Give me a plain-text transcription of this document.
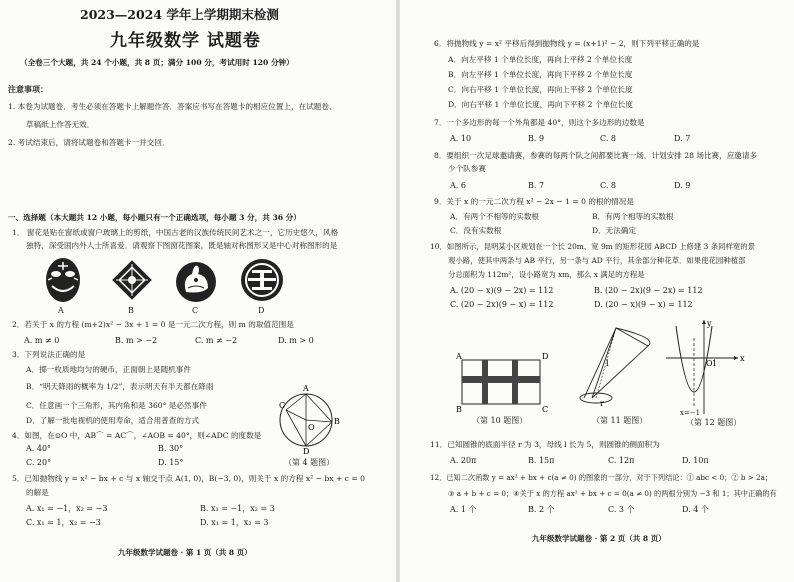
2023—2024 学年上学期期末检测
九年级数学 试题卷
（全卷三个大题，共 24 个小题，共 8 页；满分 100 分，考试用时 120 分钟）
注意事项：
1. 本卷为试题卷．考生必须在答题卡上解题作答．答案应书写在答题卡的相应位置上，在试题卷、
草稿纸上作答无效．
2. 考试结束后，请将试题卷和答题卡一并交回．
一、选择题（本大题共 12 小题，每小题只有一个正确选项，每小题 3 分，共 36 分）
1． 窗花是贴在窗纸或窗户玻璃上的剪纸，中国古老的汉族传统民间艺术之一，它历史悠久，风格
独特，深受国内外人士所喜爱．请观察下图窗花图案，既是轴对称图形又是中心对称图形的是
A	B	C	D
2．若关于 x 的方程 (m+2)x² − 3x + 1 = 0 是一元二次方程，则 m 的取值范围是
A. m ≠ 0	B. m > −2	C. m ≠ −2	D. m > 0
3．下列说法正确的是
A．掷一枚质地均匀的硬币，正面朝上是随机事件
B．“明天降雨的概率为 1/2”，表示明天有半天都在降雨
C．任意画一个三角形，其内角和是 360° 是必然事件
D．了解一批电视机的使用寿命，适合用普查的方式
4．如图，在⊙O 中，AB⌒ = AC⌒，∠AOB = 40°，则∠ADC 的度数是
A. 40°	B. 30°
C. 20°	D. 15°
A
C
B
O
D
（第 4 题图）
5．已知抛物线 y = x² − bx + c 与 x 轴交于点 A(1, 0)，B(−3, 0)，则关于 x 的方程 x² − bx + c = 0
的解是
A. x₁ = −1，x₂ = −3	B. x₁ = −1，x₂ = 3
C. x₁ = 1，x₂ = −3	D. x₁ = 1，x₂ = 3
九年级数学试题卷 · 第 1 页（共 8 页）
6．将抛物线 y = x² 平移后得到抛物线 y = (x+1)² − 2，则下列平移正确的是
A．向左平移 1 个单位长度，再向上平移 2 个单位长度
B．向左平移 1 个单位长度，再向下平移 2 个单位长度
C．向右平移 1 个单位长度，再向上平移 2 个单位长度
D．向右平移 1 个单位长度，再向下平移 2 个单位长度
7．一个多边形的每一个外角都是 40°，则这个多边形的边数是
A. 10	B. 9	C. 8	D. 7
8．要组织一次足球邀请赛，参赛的每两个队之间都要比赛一场．计划安排 28 场比赛，应邀请多
少个队参赛
A. 6	B. 7	C. 8	D. 9
9．关于 x 的一元二次方程 x² − 2x − 1 = 0 的根的情况是
A．有两个不相等的实数根	B．有两个相等的实数根
C．没有实数根	D．无法确定
10．如图所示，昆明某小区规划在一个长 20m、宽 9m 的矩形花园 ABCD 上修建 3 条同样宽的景
观小路，使其中两条与 AB 平行，另一条与 AD 平行，其余部分种花草．如果使花园种植部
分总面积为 112m²，设小路宽为 xm，那么 x 满足的方程是
A. (20 − x)(9 − 2x) = 112	B. (20 − 2x)(9 − 2x) = 112
C. (20 − 2x)(9 − x) = 112	D. (20 − x)(9 − x) = 112
A	D
B	C
（第 10 题图）
l
r
（第 11 题图）
O 1
x
y
x=−1
（第 12 题图）
11．已知圆锥的底面半径 r 为 3，母线 l 长为 5，则圆锥的侧面积为
A. 20π	B. 15π	C. 12π	D. 10π
12．已知二次函数 y = ax² + bx + c(a ≠ 0) 的图象的一部分，对于下列结论：① abc < 0；② b > 2a；
③ a + b + c = 0；④关于 x 的方程 ax² + bx + c = 0(a ≠ 0) 的两根分别为 −3 和 1；其中正确的有
A. 1 个	B. 2 个	C. 3 个	D. 4 个
九年级数学试题卷 · 第 2 页（共 8 页）
